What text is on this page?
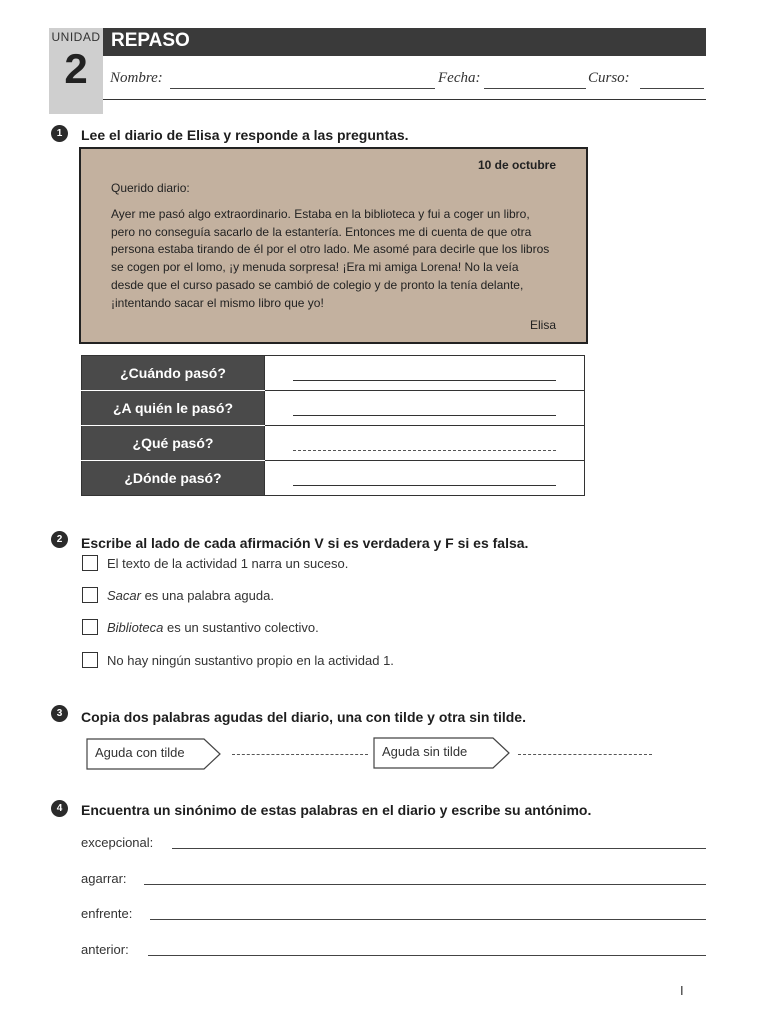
UNIDAD
2
REPASO
Nombre:	Fecha:	Curso:
1	Lee el diario de Elisa y responde a las preguntas.
10 de octubre
Querido diario:
Ayer me pasó algo extraordinario. Estaba en la biblioteca y fui a coger un libro, pero no conseguía sacarlo de la estantería. Entonces me di cuenta de que otra persona estaba tirando de él por el otro lado. Me asomé para decirle que los libros se cogen por el lomo, ¡y menuda sorpresa! ¡Era mi amiga Lorena! No la veía desde que el curso pasado se cambió de colegio y de pronto la tenía delante, ¡intentando sacar el mismo libro que yo!
Elisa
¿Cuándo pasó?	

¿A quién le pasó?	

¿Qué pasó?	

¿Dónde pasó?	
2	Escribe al lado de cada afirmación V si es verdadera y F si es falsa.
El texto de la actividad 1 narra un suceso.
Sacar es una palabra aguda.
Biblioteca es un sustantivo colectivo.
No hay ningún sustantivo propio en la actividad 1.
3	Copia dos palabras agudas del diario, una con tilde y otra sin tilde.
Aguda con tilde	Aguda sin tilde
4	Encuentra un sinónimo de estas palabras en el diario y escribe su antónimo.
excepcional:
agarrar:
enfrente:
anterior:
I
